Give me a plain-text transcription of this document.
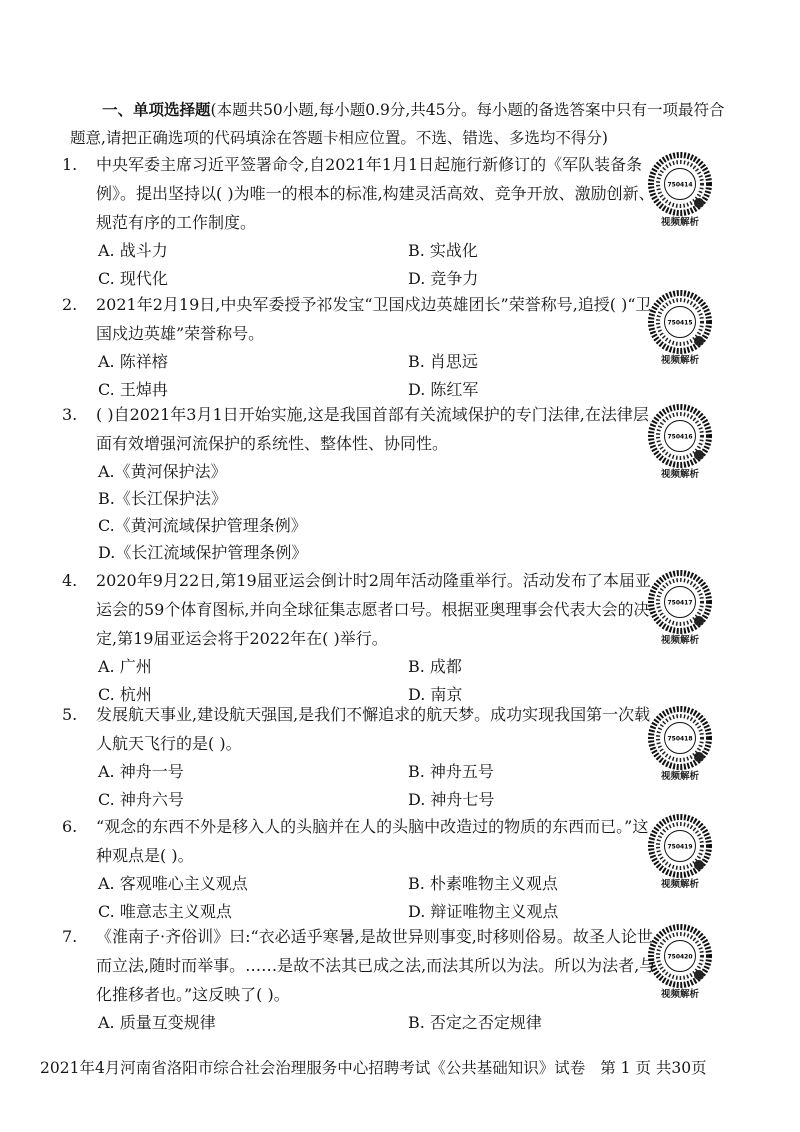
一、单项选择题(本题共50小题,每小题0.9分,共45分。每小题的备选答案中只有一项最符合题意,请把正确选项的代码填涂在答题卡相应位置。不选、错选、多选均不得分)

1. 中央军委主席习近平签署命令,自2021年1月1日起施行新修订的《军队装备条例》。提出坚持以( )为唯一的根本的标准,构建灵活高效、竞争开放、激励创新、规范有序的工作制度。

A. 战斗力	B. 实战化
C. 现代化	D. 竞争力
750414
视频解析

2. 2021年2月19日,中央军委授予祁发宝“卫国戍边英雄团长”荣誉称号,追授( )“卫国戍边英雄”荣誉称号。

A. 陈祥榕	B. 肖思远
C. 王焯冉	D. 陈红军
750415
视频解析

3. ( )自2021年3月1日开始实施,这是我国首部有关流域保护的专门法律,在法律层面有效增强河流保护的系统性、整体性、协同性。

A.《黄河保护法》
B.《长江保护法》
C.《黄河流域保护管理条例》
D.《长江流域保护管理条例》
750416
视频解析

4. 2020年9月22日,第19届亚运会倒计时2周年活动隆重举行。活动发布了本届亚运会的59个体育图标,并向全球征集志愿者口号。根据亚奥理事会代表大会的决定,第19届亚运会将于2022年在( )举行。

A. 广州	B. 成都
C. 杭州	D. 南京
750417
视频解析

5. 发展航天事业,建设航天强国,是我们不懈追求的航天梦。成功实现我国第一次载人航天飞行的是( )。

A. 神舟一号	B. 神舟五号
C. 神舟六号	D. 神舟七号
750418
视频解析

6. “观念的东西不外是移入人的头脑并在人的头脑中改造过的物质的东西而已。”这种观点是( )。

A. 客观唯心主义观点	B. 朴素唯物主义观点
C. 唯意志主义观点	D. 辩证唯物主义观点
750419
视频解析

7. 《淮南子·齐俗训》曰:“衣必适乎寒暑,是故世异则事变,时移则俗易。故圣人论世而立法,随时而举事。……是故不法其已成之法,而法其所以为法。所以为法者,与化推移者也。”这反映了( )。

A. 质量互变规律	B. 否定之否定规律
750420
视频解析
2021年4月河南省洛阳市综合社会治理服务中心招聘考试《公共基础知识》试卷 第 1 页 共30页
